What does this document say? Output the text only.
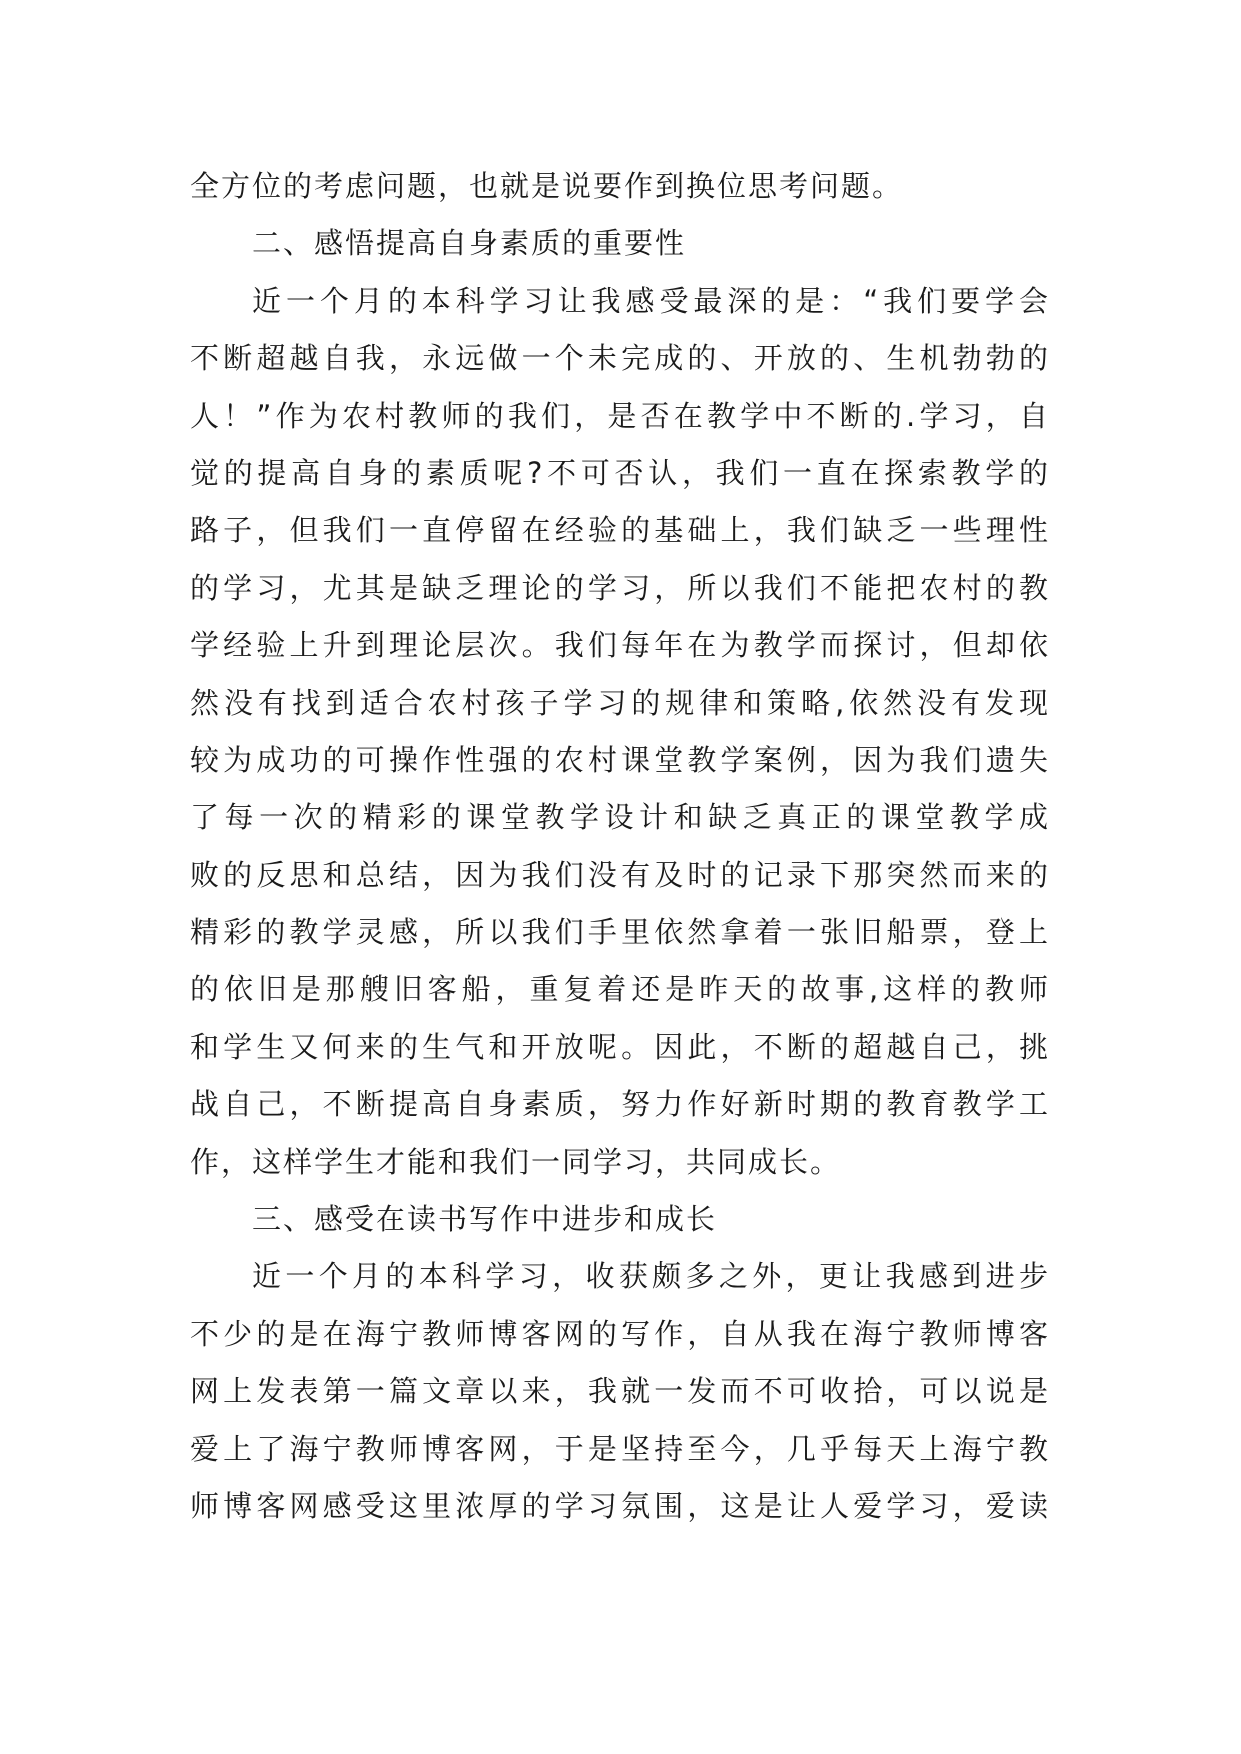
全方位的考虑问题，也就是说要作到换位思考问题。
二、感悟提高自身素质的重要性
近一个月的本科学习让我感受最深的是：“我们要学会
不断超越自我，永远做一个未完成的、开放的、生机勃勃的
人！”作为农村教师的我们，是否在教学中不断的.学习，自
觉的提高自身的素质呢?不可否认，我们一直在探索教学的
路子，但我们一直停留在经验的基础上，我们缺乏一些理性
的学习，尤其是缺乏理论的学习，所以我们不能把农村的教
学经验上升到理论层次。我们每年在为教学而探讨，但却依
然没有找到适合农村孩子学习的规律和策略,依然没有发现
较为成功的可操作性强的农村课堂教学案例，因为我们遗失
了每一次的精彩的课堂教学设计和缺乏真正的课堂教学成
败的反思和总结，因为我们没有及时的记录下那突然而来的
精彩的教学灵感，所以我们手里依然拿着一张旧船票，登上
的依旧是那艘旧客船，重复着还是昨天的故事,这样的教师
和学生又何来的生气和开放呢。因此，不断的超越自己，挑
战自己，不断提高自身素质，努力作好新时期的教育教学工
作，这样学生才能和我们一同学习，共同成长。
三、感受在读书写作中进步和成长
近一个月的本科学习，收获颇多之外，更让我感到进步
不少的是在海宁教师博客网的写作，自从我在海宁教师博客
网上发表第一篇文章以来，我就一发而不可收拾，可以说是
爱上了海宁教师博客网，于是坚持至今，几乎每天上海宁教
师博客网感受这里浓厚的学习氛围，这是让人爱学习，爱读
